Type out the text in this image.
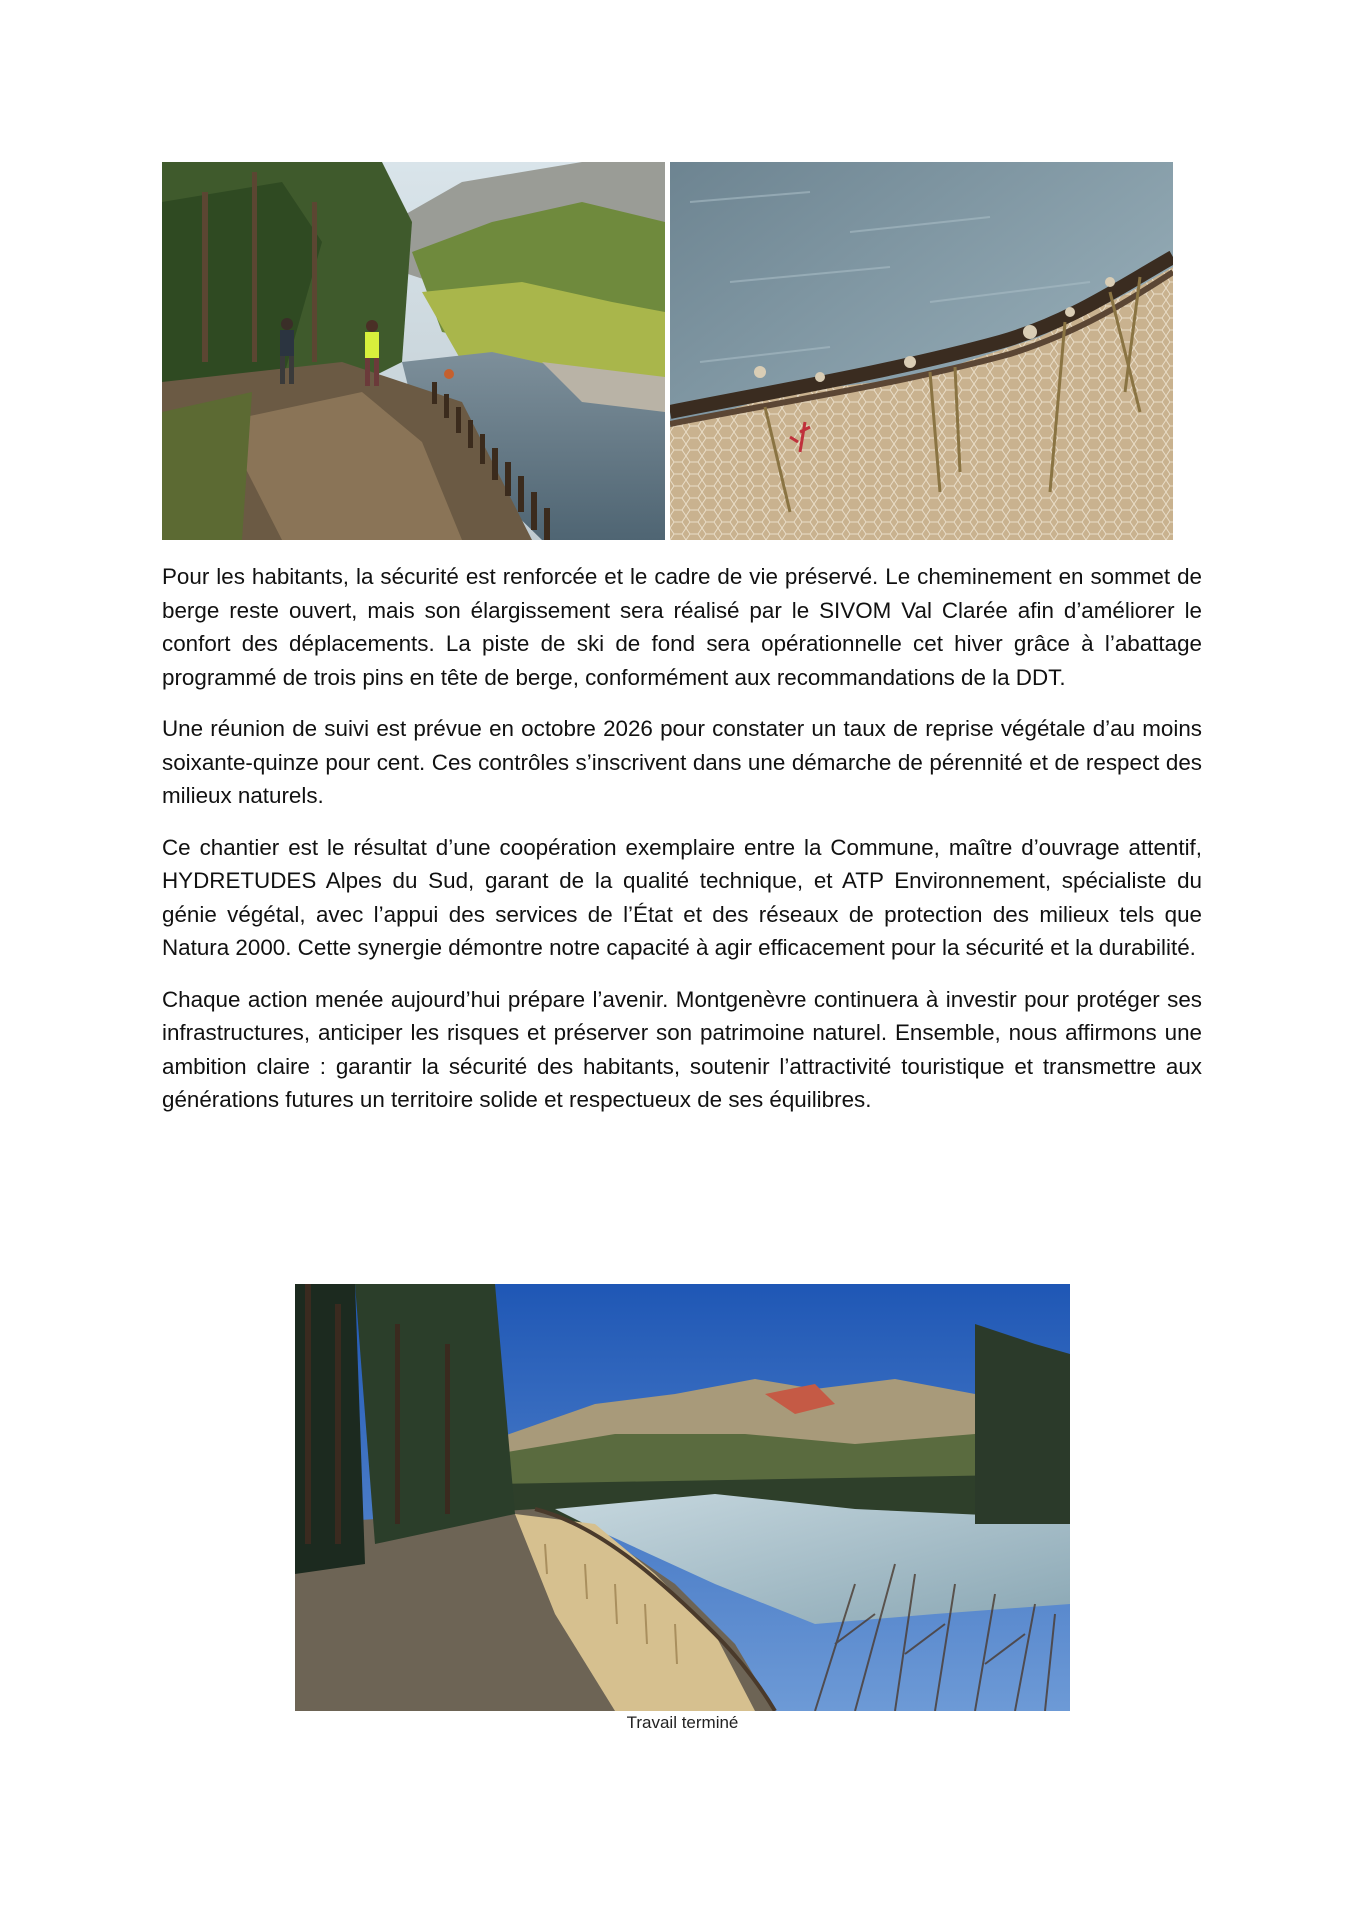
Pour les habitants, la sécurité est renforcée et le cadre de vie préservé. Le cheminement en sommet de berge reste ouvert, mais son élargissement sera réalisé par le SIVOM Val Clarée afin d’améliorer le confort des déplacements. La piste de ski de fond sera opérationnelle cet hiver grâce à l’abattage programmé de trois pins en tête de berge, conformément aux recommandations de la DDT.

Une réunion de suivi est prévue en octobre 2026 pour constater un taux de reprise végétale d’au moins soixante-quinze pour cent. Ces contrôles s’inscrivent dans une démarche de pérennité et de respect des milieux naturels.

Ce chantier est le résultat d’une coopération exemplaire entre la Commune, maître d’ouvrage attentif, HYDRETUDES Alpes du Sud, garant de la qualité technique, et ATP Environnement, spécialiste du génie végétal, avec l’appui des services de l’État et des réseaux de protection des milieux tels que Natura 2000. Cette synergie démontre notre capacité à agir efficacement pour la sécurité et la durabilité.

Chaque action menée aujourd’hui prépare l’avenir. Montgenèvre continuera à investir pour protéger ses infrastructures, anticiper les risques et préserver son patrimoine naturel. Ensemble, nous affirmons une ambition claire : garantir la sécurité des habitants, soutenir l’attractivité touristique et transmettre aux générations futures un territoire solide et respectueux de ses équilibres.

Travail terminé
